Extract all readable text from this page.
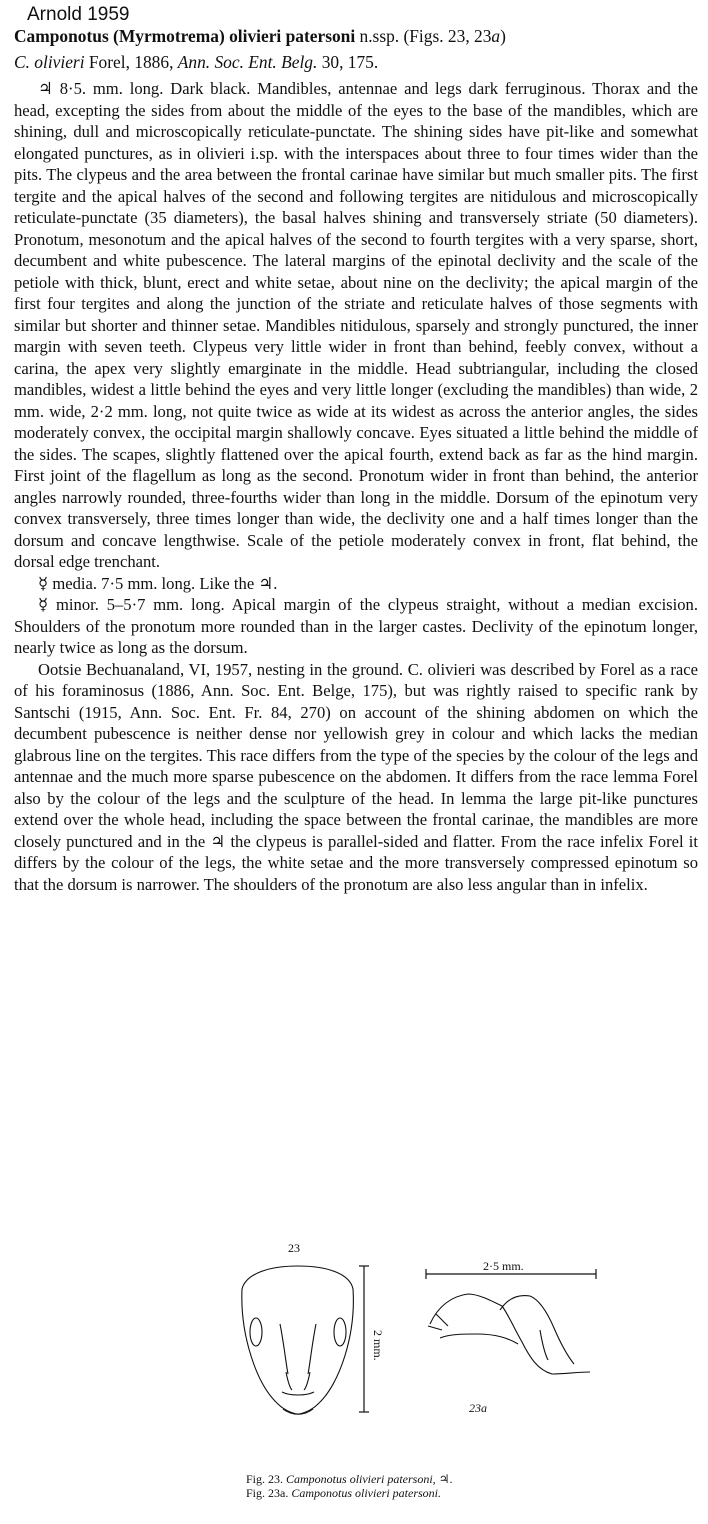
Arnold 1959
Camponotus (Myrmotrema) olivieri patersoni n.ssp. (Figs. 23, 23a)
C. olivieri Forel, 1886, Ann. Soc. Ent. Belg. 30, 175.

♃ 8·5. mm. long. Dark black. Mandibles, antennae and legs dark ferruginous. Thorax and the head, excepting the sides from about the middle of the eyes to the base of the mandibles, which are shining, dull and microscopically reticulate-punctate. The shining sides have pit-like and somewhat elongated punctures, as in olivieri i.sp. with the interspaces about three to four times wider than the pits. The clypeus and the area between the frontal carinae have similar but much smaller pits. The first tergite and the apical halves of the second and following tergites are nitidulous and microscopically reticulate-punctate (35 diameters), the basal halves shining and transversely striate (50 diameters). Pronotum, mesonotum and the apical halves of the second to fourth tergites with a very sparse, short, decumbent and white pubescence. The lateral margins of the epinotal declivity and the scale of the petiole with thick, blunt, erect and white setae, about nine on the declivity; the apical margin of the first four tergites and along the junction of the striate and reticulate halves of those segments with similar but shorter and thinner setae. Mandibles nitidulous, sparsely and strongly punctured, the inner margin with seven teeth. Clypeus very little wider in front than behind, feebly convex, without a carina, the apex very slightly emarginate in the middle. Head subtriangular, including the closed mandibles, widest a little behind the eyes and very little longer (excluding the mandibles) than wide, 2 mm. wide, 2·2 mm. long, not quite twice as wide at its widest as across the anterior angles, the sides moderately convex, the occipital margin shallowly concave. Eyes situated a little behind the middle of the sides. The scapes, slightly flattened over the apical fourth, extend back as far as the hind margin. First joint of the flagellum as long as the second. Pronotum wider in front than behind, the anterior angles narrowly rounded, three-fourths wider than long in the middle. Dorsum of the epinotum very convex transversely, three times longer than wide, the declivity one and a half times longer than the dorsum and concave lengthwise. Scale of the petiole moderately convex in front, flat behind, the dorsal edge trenchant.

☿ media. 7·5 mm. long. Like the ♃.

☿ minor. 5–5·7 mm. long. Apical margin of the clypeus straight, without a median excision. Shoulders of the pronotum more rounded than in the larger castes. Declivity of the epinotum longer, nearly twice as long as the dorsum.

Ootsie Bechuanaland, VI, 1957, nesting in the ground. C. olivieri was described by Forel as a race of his foraminosus (1886, Ann. Soc. Ent. Belge, 175), but was rightly raised to specific rank by Santschi (1915, Ann. Soc. Ent. Fr. 84, 270) on account of the shining abdomen on which the decumbent pubescence is neither dense nor yellowish grey in colour and which lacks the median glabrous line on the tergites. This race differs from the type of the species by the colour of the legs and antennae and the much more sparse pubescence on the abdomen. It differs from the race lemma Forel also by the colour of the legs and the sculpture of the head. In lemma the large pit-like punctures extend over the whole head, including the space between the frontal carinae, the mandibles are more closely punctured and in the ♃ the clypeus is parallel-sided and flatter. From the race infelix Forel it differs by the colour of the legs, the white setae and the more transversely compressed epinotum so that the dorsum is narrower. The shoulders of the pronotum are also less angular than in infelix.

23
2 mm.
2·5 mm.
23a
Fig. 23. Camponotus olivieri patersoni, ♃.
Fig. 23a. Camponotus olivieri patersoni.
